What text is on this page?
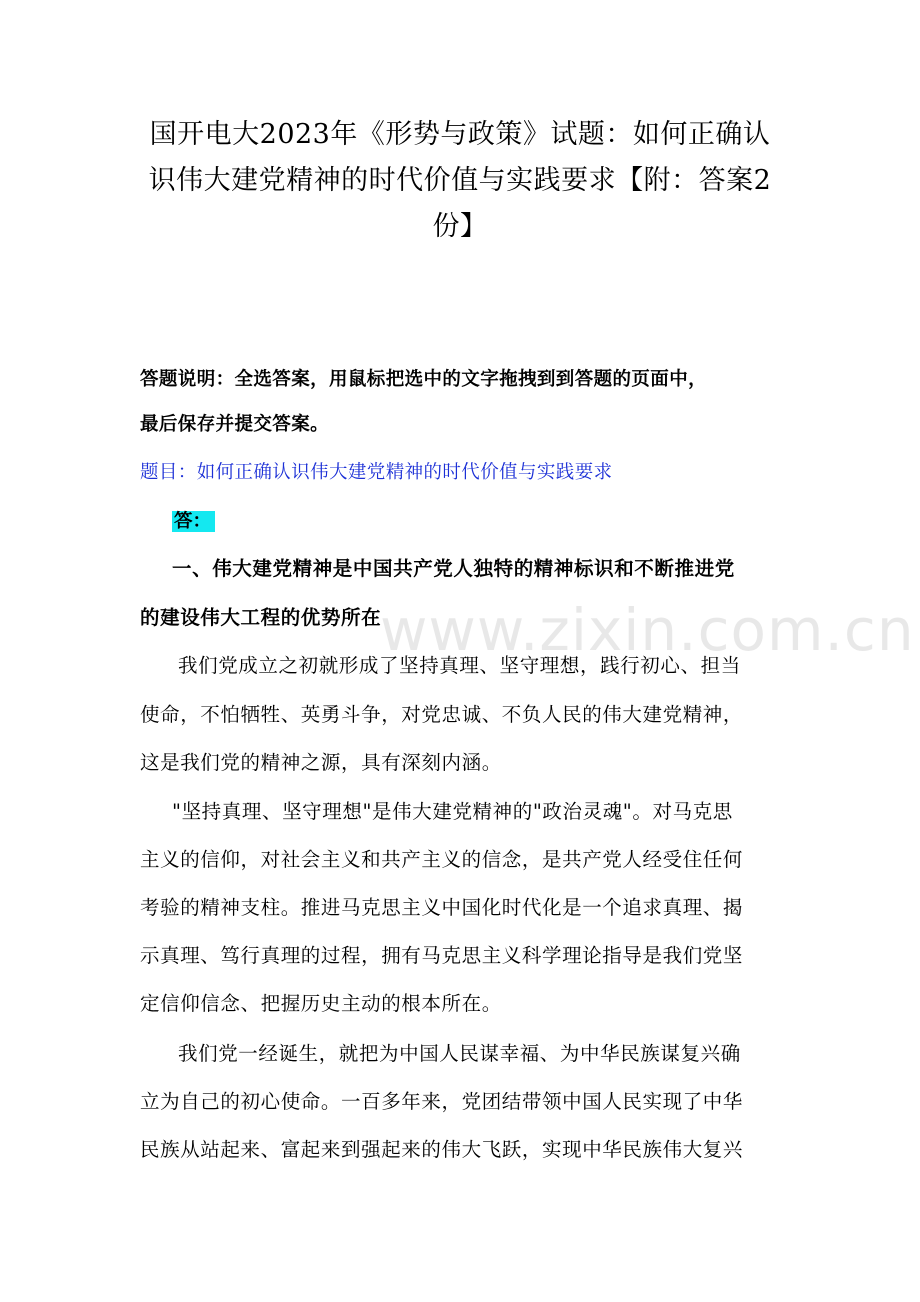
国开电大2023年《形势与政策》试题：如何正确认
识伟大建党精神的时代价值与实践要求【附：答案2
份】
答题说明：全选答案，用鼠标把选中的文字拖拽到到答题的页面中，
最后保存并提交答案。
题目：如何正确认识伟大建党精神的时代价值与实践要求
答：
一、伟大建党精神是中国共产党人独特的精神标识和不断推进党
的建设伟大工程的优势所在
我们党成立之初就形成了坚持真理、坚守理想，践行初心、担当
使命，不怕牺牲、英勇斗争，对党忠诚、不负人民的伟大建党精神，
这是我们党的精神之源，具有深刻内涵。
"坚持真理、坚守理想"是伟大建党精神的"政治灵魂"。对马克思
主义的信仰，对社会主义和共产主义的信念，是共产党人经受住任何
考验的精神支柱。推进马克思主义中国化时代化是一个追求真理、揭
示真理、笃行真理的过程，拥有马克思主义科学理论指导是我们党坚
定信仰信念、把握历史主动的根本所在。
我们党一经诞生，就把为中国人民谋幸福、为中华民族谋复兴确
立为自己的初心使命。一百多年来，党团结带领中国人民实现了中华
民族从站起来、富起来到强起来的伟大飞跃，实现中华民族伟大复兴
www.zixin.com.cn
